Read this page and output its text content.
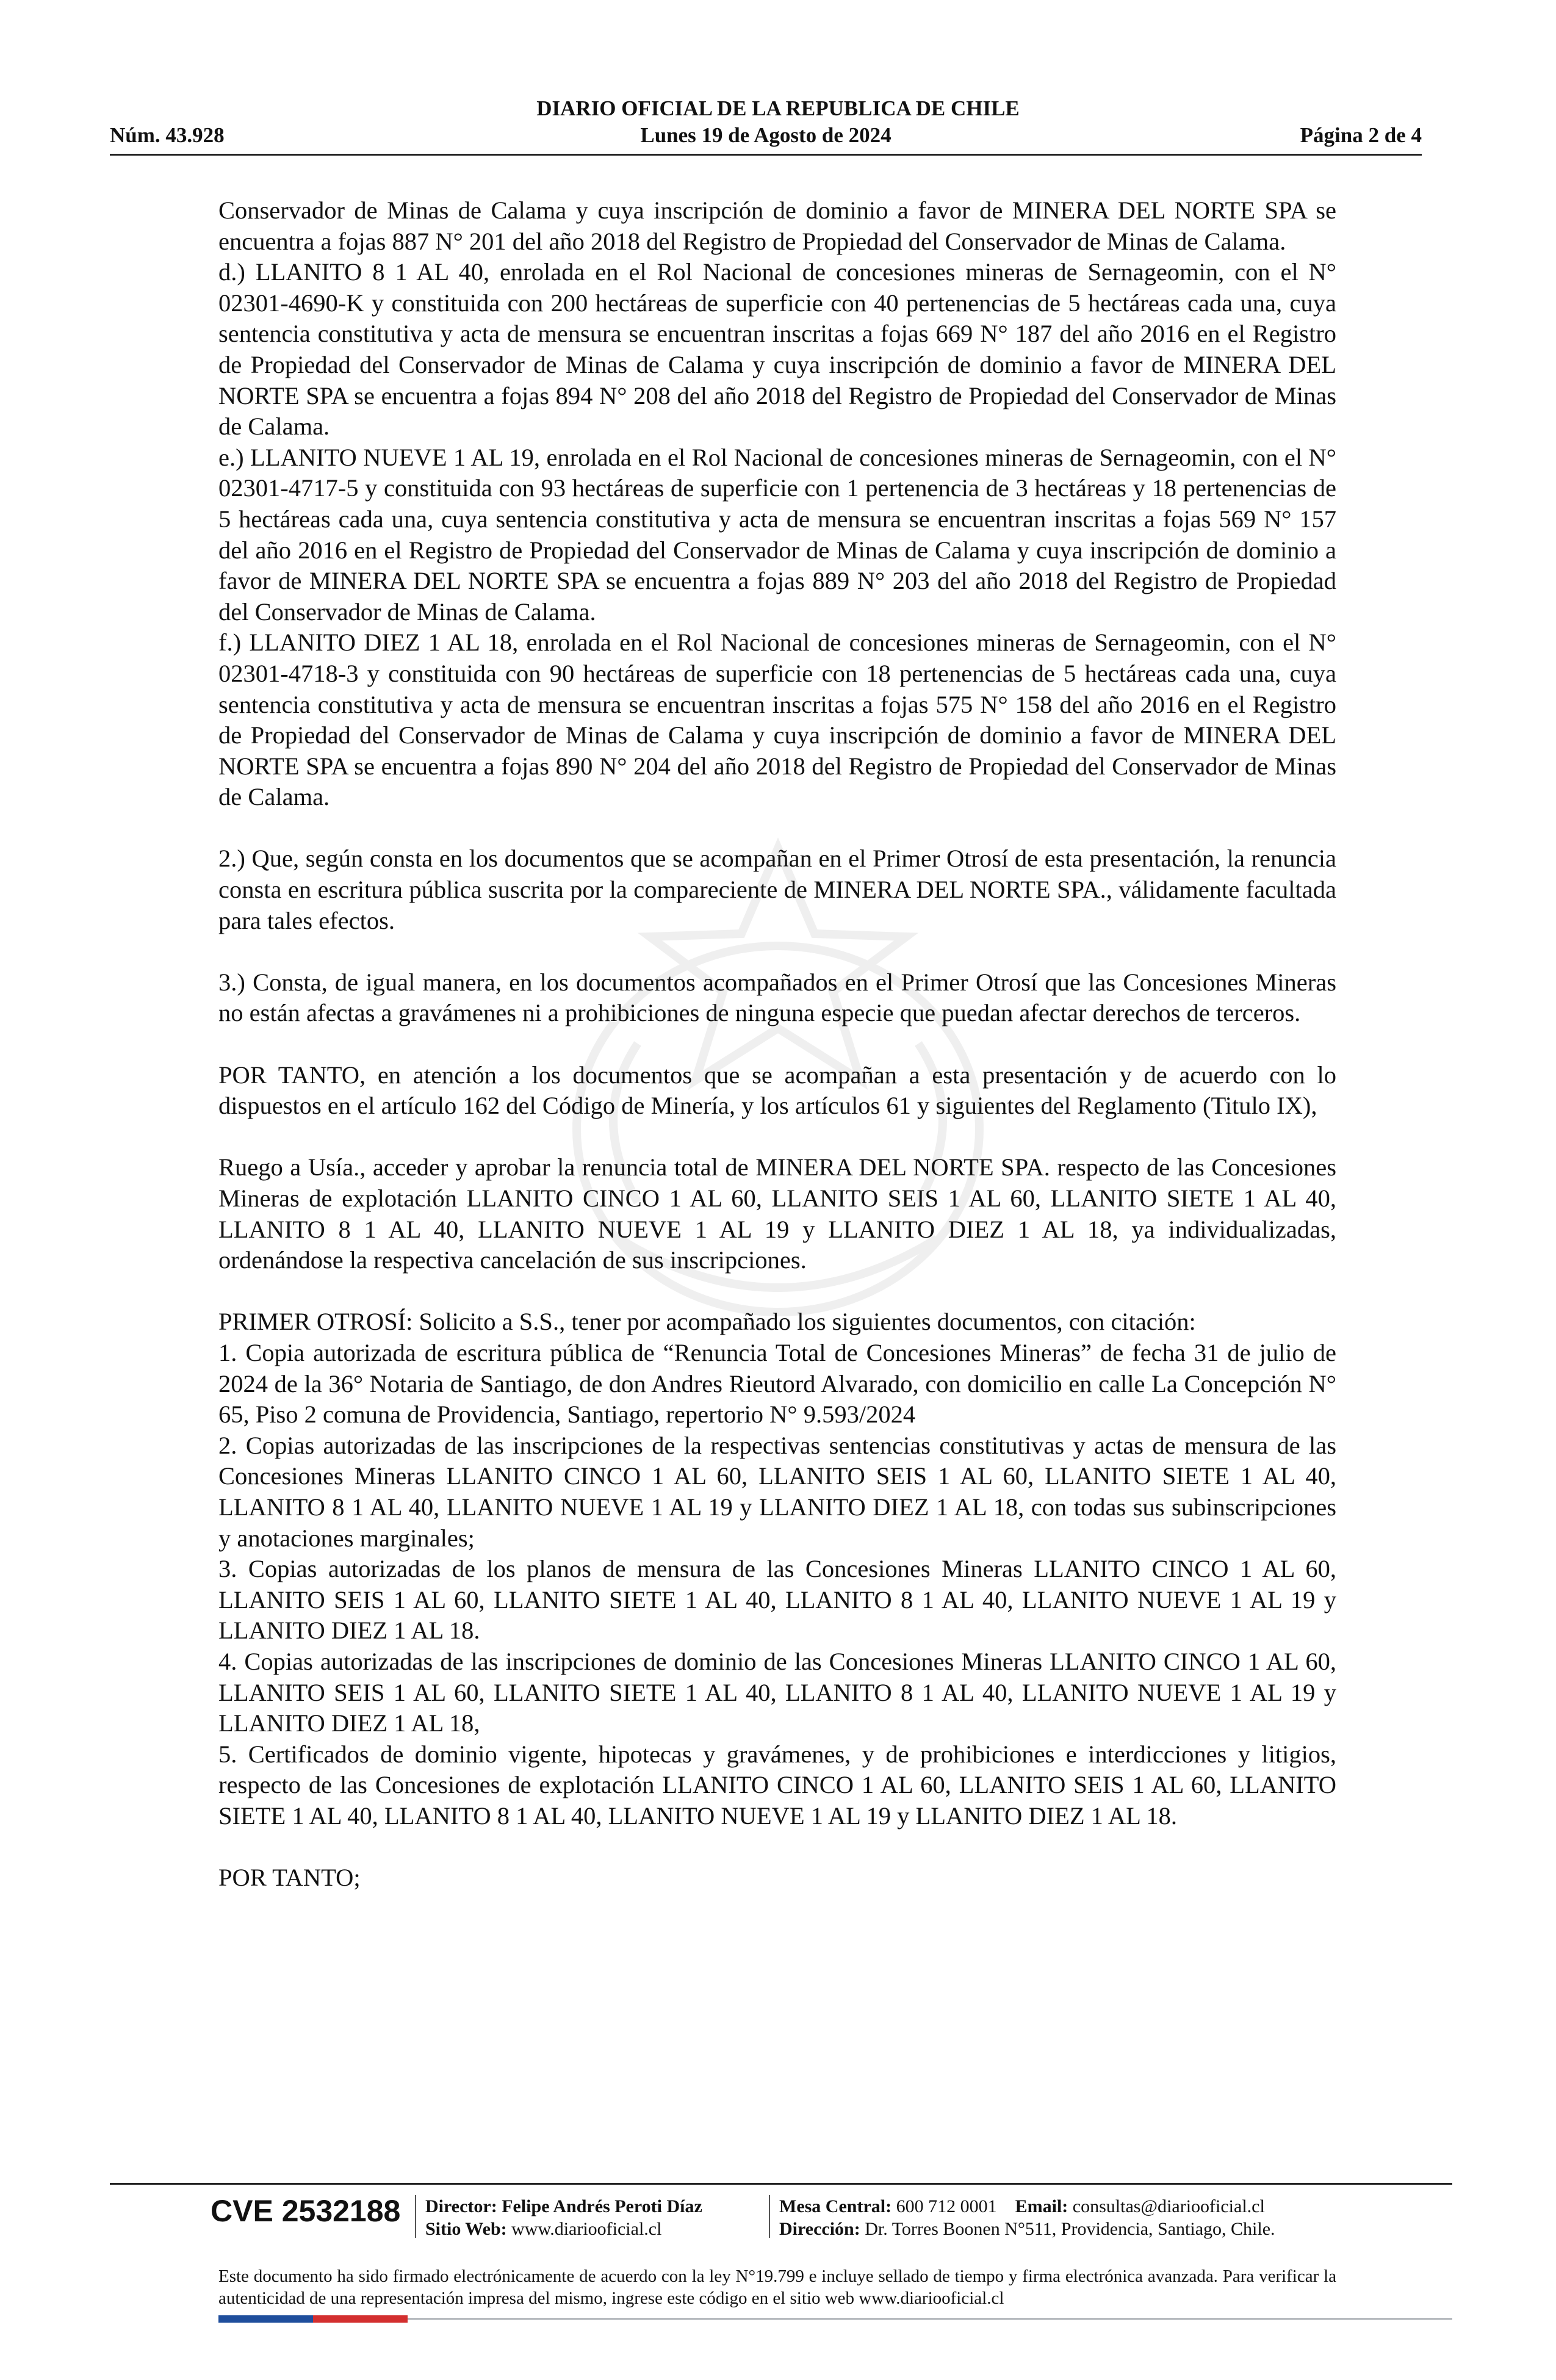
DIARIO OFICIAL DE LA REPUBLICA DE CHILE
Lunes 19 de Agosto de 2024
Núm. 43.928	Página 2 de 4

Conservador de Minas de Calama y cuya inscripción de dominio a favor de MINERA DEL NORTE SPA se encuentra a fojas 887 N° 201 del año 2018 del Registro de Propiedad del Conservador de Minas de Calama.

d.) LLANITO 8 1 AL 40, enrolada en el Rol Nacional de concesiones mineras de Sernageomin, con el N° 02301-4690-K y constituida con 200 hectáreas de superficie con 40 pertenencias de 5 hectáreas cada una, cuya sentencia constitutiva y acta de mensura se encuentran inscritas a fojas 669 N° 187 del año 2016 en el Registro de Propiedad del Conservador de Minas de Calama y cuya inscripción de dominio a favor de MINERA DEL NORTE SPA se encuentra a fojas 894 N° 208 del año 2018 del Registro de Propiedad del Conservador de Minas de Calama.

e.) LLANITO NUEVE 1 AL 19, enrolada en el Rol Nacional de concesiones mineras de Sernageomin, con el N° 02301-4717-5 y constituida con 93 hectáreas de superficie con 1 pertenencia de 3 hectáreas y 18 pertenencias de 5 hectáreas cada una, cuya sentencia constitutiva y acta de mensura se encuentran inscritas a fojas 569 N° 157 del año 2016 en el Registro de Propiedad del Conservador de Minas de Calama y cuya inscripción de dominio a favor de MINERA DEL NORTE SPA se encuentra a fojas 889 N° 203 del año 2018 del Registro de Propiedad del Conservador de Minas de Calama.

f.) LLANITO DIEZ 1 AL 18, enrolada en el Rol Nacional de concesiones mineras de Sernageomin, con el N° 02301-4718-3 y constituida con 90 hectáreas de superficie con 18 pertenencias de 5 hectáreas cada una, cuya sentencia constitutiva y acta de mensura se encuentran inscritas a fojas 575 N° 158 del año 2016 en el Registro de Propiedad del Conservador de Minas de Calama y cuya inscripción de dominio a favor de MINERA DEL NORTE SPA se encuentra a fojas 890 N° 204 del año 2018 del Registro de Propiedad del Conservador de Minas de Calama.

2.) Que, según consta en los documentos que se acompañan en el Primer Otrosí de esta presentación, la renuncia consta en escritura pública suscrita por la compareciente de MINERA DEL NORTE SPA., válidamente facultada para tales efectos.

3.) Consta, de igual manera, en los documentos acompañados en el Primer Otrosí que las Concesiones Mineras no están afectas a gravámenes ni a prohibiciones de ninguna especie que puedan afectar derechos de terceros.

POR TANTO, en atención a los documentos que se acompañan a esta presentación y de acuerdo con lo dispuestos en el artículo 162 del Código de Minería, y los artículos 61 y siguientes del Reglamento (Titulo IX),

Ruego a Usía., acceder y aprobar la renuncia total de MINERA DEL NORTE SPA. respecto de las Concesiones Mineras de explotación LLANITO CINCO 1 AL 60, LLANITO SEIS 1 AL 60, LLANITO SIETE 1 AL 40, LLANITO 8 1 AL 40, LLANITO NUEVE 1 AL 19 y LLANITO DIEZ 1 AL 18, ya individualizadas, ordenándose la respectiva cancelación de sus inscripciones.

PRIMER OTROSÍ: Solicito a S.S., tener por acompañado los siguientes documentos, con citación:

1. Copia autorizada de escritura pública de “Renuncia Total de Concesiones Mineras” de fecha 31 de julio de 2024 de la 36° Notaria de Santiago, de don Andres Rieutord Alvarado, con domicilio en calle La Concepción N° 65, Piso 2 comuna de Providencia, Santiago, repertorio N° 9.593/2024

2. Copias autorizadas de las inscripciones de la respectivas sentencias constitutivas y actas de mensura de las Concesiones Mineras LLANITO CINCO 1 AL 60, LLANITO SEIS 1 AL 60, LLANITO SIETE 1 AL 40, LLANITO 8 1 AL 40, LLANITO NUEVE 1 AL 19 y LLANITO DIEZ 1 AL 18, con todas sus subinscripciones y anotaciones marginales;

3. Copias autorizadas de los planos de mensura de las Concesiones Mineras LLANITO CINCO 1 AL 60, LLANITO SEIS 1 AL 60, LLANITO SIETE 1 AL 40, LLANITO 8 1 AL 40, LLANITO NUEVE 1 AL 19 y LLANITO DIEZ 1 AL 18.

4. Copias autorizadas de las inscripciones de dominio de las Concesiones Mineras LLANITO CINCO 1 AL 60, LLANITO SEIS 1 AL 60, LLANITO SIETE 1 AL 40, LLANITO 8 1 AL 40, LLANITO NUEVE 1 AL 19 y LLANITO DIEZ 1 AL 18,

5. Certificados de dominio vigente, hipotecas y gravámenes, y de prohibiciones e interdicciones y litigios, respecto de las Concesiones de explotación LLANITO CINCO 1 AL 60, LLANITO SEIS 1 AL 60, LLANITO SIETE 1 AL 40, LLANITO 8 1 AL 40, LLANITO NUEVE 1 AL 19 y LLANITO DIEZ 1 AL 18.

POR TANTO;

CVE 2532188 Director: Felipe Andrés Peroti Díaz
Sitio Web: www.diariooficial.cl
Mesa Central: 600 712 0001 Email: consultas@diariooficial.cl
Dirección: Dr. Torres Boonen N°511, Providencia, Santiago, Chile.
Este documento ha sido firmado electrónicamente de acuerdo con la ley N°19.799 e incluye sellado de tiempo y firma electrónica avanzada. Para verificar la autenticidad de una representación impresa del mismo, ingrese este código en el sitio web www.diariooficial.cl
